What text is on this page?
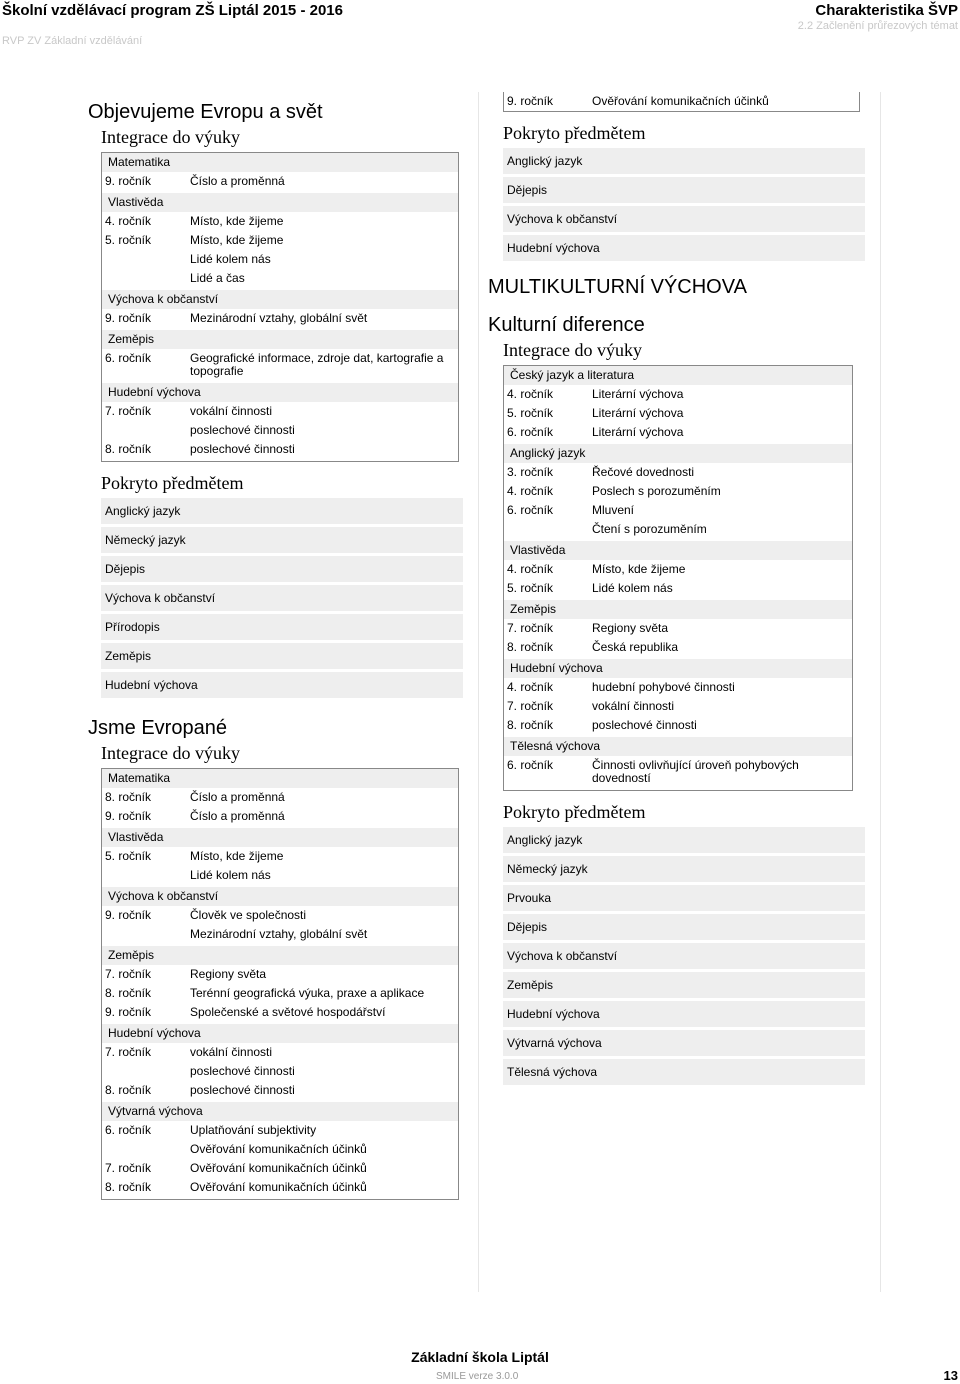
Školní vzdělávací program ZŠ Liptál 2015 - 2016
RVP ZV Základní vzdělávání
Charakteristika ŠVP
2.2 Začlenění průřezových témat
Objevujeme Evropu a svět
Integrace do výuky
Matematika
9. ročník	Číslo a proměnná
Vlastivěda
4. ročník	Místo, kde žijeme
5. ročník	Místo, kde žijeme
Lidé kolem nás
Lidé a čas
Výchova k občanství
9. ročník	Mezinárodní vztahy, globální svět
Zeměpis
6. ročník	Geografické informace, zdroje dat, kartografie a topografie
Hudební výchova
7. ročník	vokální činnosti
poslechové činnosti
8. ročník	poslechové činnosti
Pokryto předmětem
Anglický jazyk
Německý jazyk
Dějepis
Výchova k občanství
Přírodopis
Zeměpis
Hudební výchova
Jsme Evropané
Integrace do výuky
Matematika
8. ročník	Číslo a proměnná
9. ročník	Číslo a proměnná
Vlastivěda
5. ročník	Místo, kde žijeme
Lidé kolem nás
Výchova k občanství
9. ročník	Člověk ve společnosti
Mezinárodní vztahy, globální svět
Zeměpis
7. ročník	Regiony světa
8. ročník	Terénní geografická výuka, praxe a aplikace
9. ročník	Společenské a světové hospodářství
Hudební výchova
7. ročník	vokální činnosti
poslechové činnosti
8. ročník	poslechové činnosti
Výtvarná výchova
6. ročník	Uplatňování subjektivity
Ověřování komunikačních účinků
7. ročník	Ověřování komunikačních účinků
8. ročník	Ověřování komunikačních účinků
9. ročník	Ověřování komunikačních účinků
Pokryto předmětem
Anglický jazyk
Dějepis
Výchova k občanství
Hudební výchova
MULTIKULTURNÍ VÝCHOVA
Kulturní diference
Integrace do výuky
Český jazyk a literatura
4. ročník	Literární výchova
5. ročník	Literární výchova
6. ročník	Literární výchova
Anglický jazyk
3. ročník	Řečové dovednosti
4. ročník	Poslech s porozuměním
6. ročník	Mluvení
Čtení s porozuměním
Vlastivěda
4. ročník	Místo, kde žijeme
5. ročník	Lidé kolem nás
Zeměpis
7. ročník	Regiony světa
8. ročník	Česká republika
Hudební výchova
4. ročník	hudební pohybové činnosti
7. ročník	vokální činnosti
8. ročník	poslechové činnosti
Tělesná výchova
6. ročník	Činnosti ovlivňující úroveň pohybových dovedností
Pokryto předmětem
Anglický jazyk
Německý jazyk
Prvouka
Dějepis
Výchova k občanství
Zeměpis
Hudební výchova
Výtvarná výchova
Tělesná výchova
Základní škola Liptál
SMILE verze 3.0.0	13
